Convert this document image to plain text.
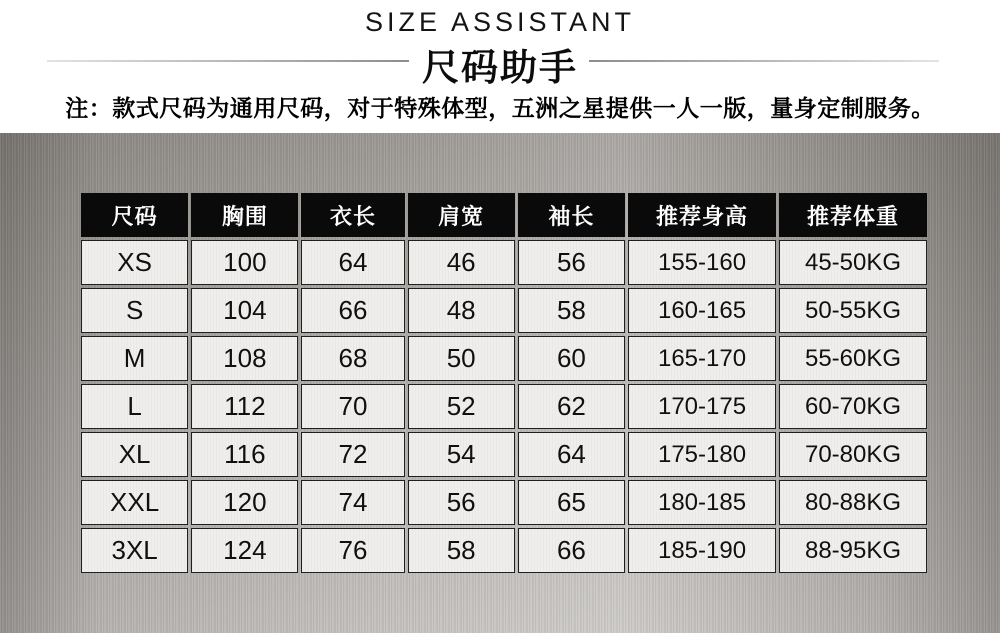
SIZE ASSISTANT
尺码助手
注：款式尺码为通用尺码，对于特殊体型，五洲之星提供一人一版，量身定制服务。
尺码	胸围	衣长	肩宽	袖长	推荐身高	推荐体重
XS	100	64	46	56	155-160	45-50KG
S	104	66	48	58	160-165	50-55KG
M	108	68	50	60	165-170	55-60KG
L	112	70	52	62	170-175	60-70KG
XL	116	72	54	64	175-180	70-80KG
XXL	120	74	56	65	180-185	80-88KG
3XL	124	76	58	66	185-190	88-95KG
